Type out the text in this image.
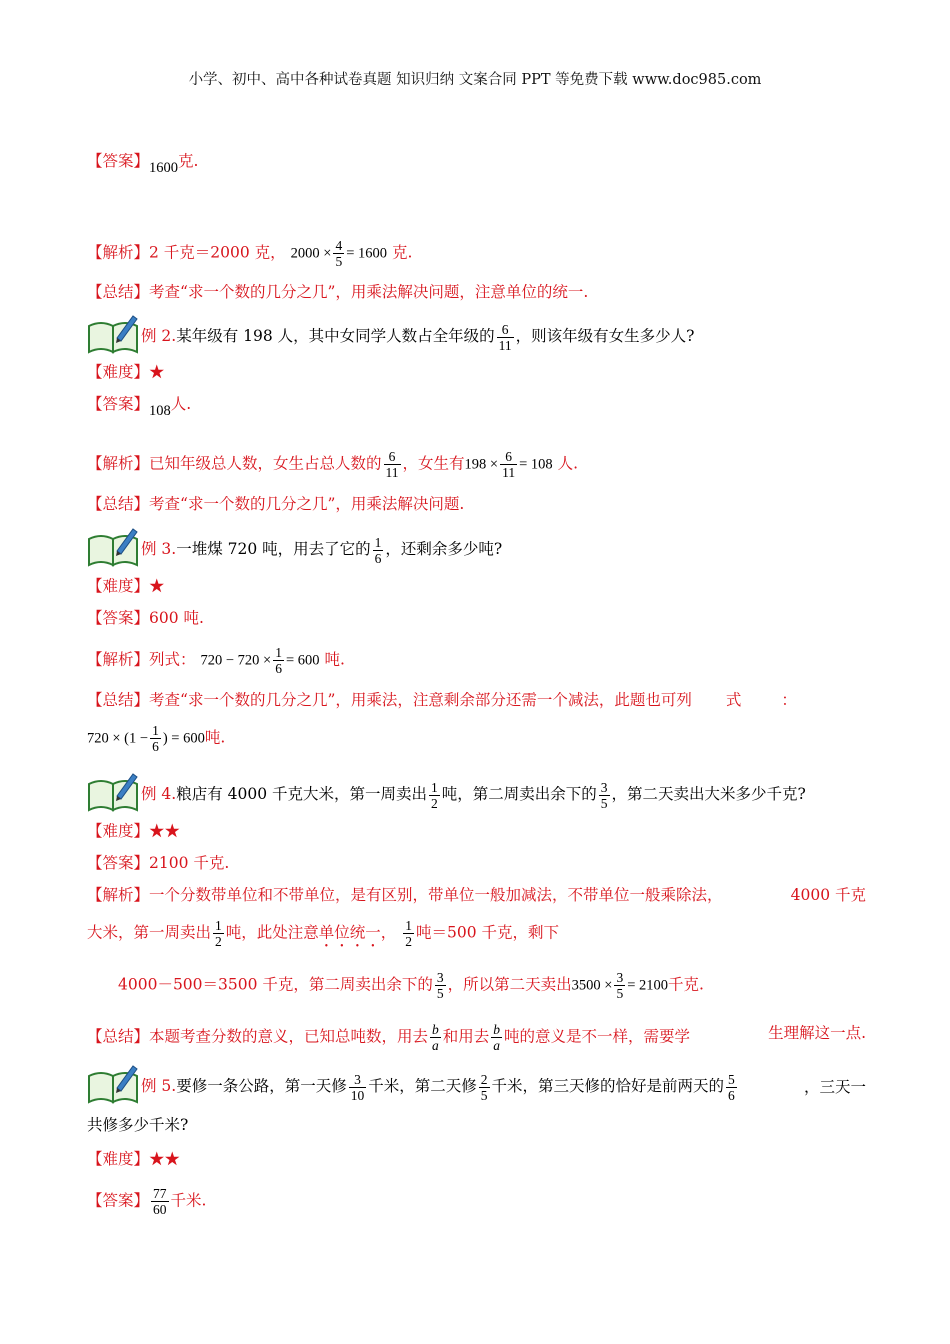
小学、初中、高中各种试卷真题 知识归纳 文案合同 PPT 等免费下载 www.doc985.com
【答案】1600克.
【解析】2 千克＝2000 克， $2000 \times \frac{4}{5} = 1600$ 克.
【总结】考查“求一个数的几分之几”，用乘法解决问题，注意单位的统一.
例 2.某年级有 198 人，其中女同学人数占全年级的 $\frac{6}{11}$ ，则该年级有女生多少人?
【难度】★
【答案】108人.
【解析】已知年级总人数，女生占总人数的 $\frac{6}{11}$ ，女生有$198 \times \frac{6}{11} = 108$ 人.
【总结】考查“求一个数的几分之几”，用乘法解决问题.
例 3.一堆煤 720 吨，用去了它的 $\frac{1}{6}$ ，还剩余多少吨?
【难度】★
【答案】600 吨.
【解析】列式： $720 - 720 \times \frac{1}{6} = 600$ 吨.
【总结】考查“求一个数的几分之几”，用乘法，注意剩余部分还需一个减法，此题也可列 式	：
$720 \times (1 - \frac{1}{6}$ ) = 600吨.
例 4.粮店有 4000 千克大米，第一周卖出 $\frac{1}{2}$ 吨，第二周卖出余下的 $\frac{3}{5}$ ，第二天卖出大米多少千克?
【难度】★★
【答案】2100 千克.
【解析】一个分数带单位和不带单位，是有区别，带单位一般加减法，不带单位一般乘除法，	4000 千克
大米，第一周卖出 $\frac{1}{2}$ 吨，此处注意单位统一， $\frac{1}{2}$ 吨＝500 千克，剩下
4000－500＝3500 千克，第二周卖出余下的 $\frac{3}{5}$ ，所以第二天卖出$3500 \times \frac{3}{5} = 2100$千克.
【总结】本题考查分数的意义，已知总吨数，用去 $\frac{b}{a}$ 和用去 $\frac{b}{a}$ 吨的意义是不一样，需要学	生理解这一点.
例 5.要修一条公路，第一天修 $\frac{3}{10}$ 千米，第二天修 $\frac{2}{5}$ 千米，第三天修的恰好是前两天的 $\frac{5}{6}$	，三天一
共修多少千米?
【难度】★★
【答案】 $\frac{77}{60}$ 千米.
